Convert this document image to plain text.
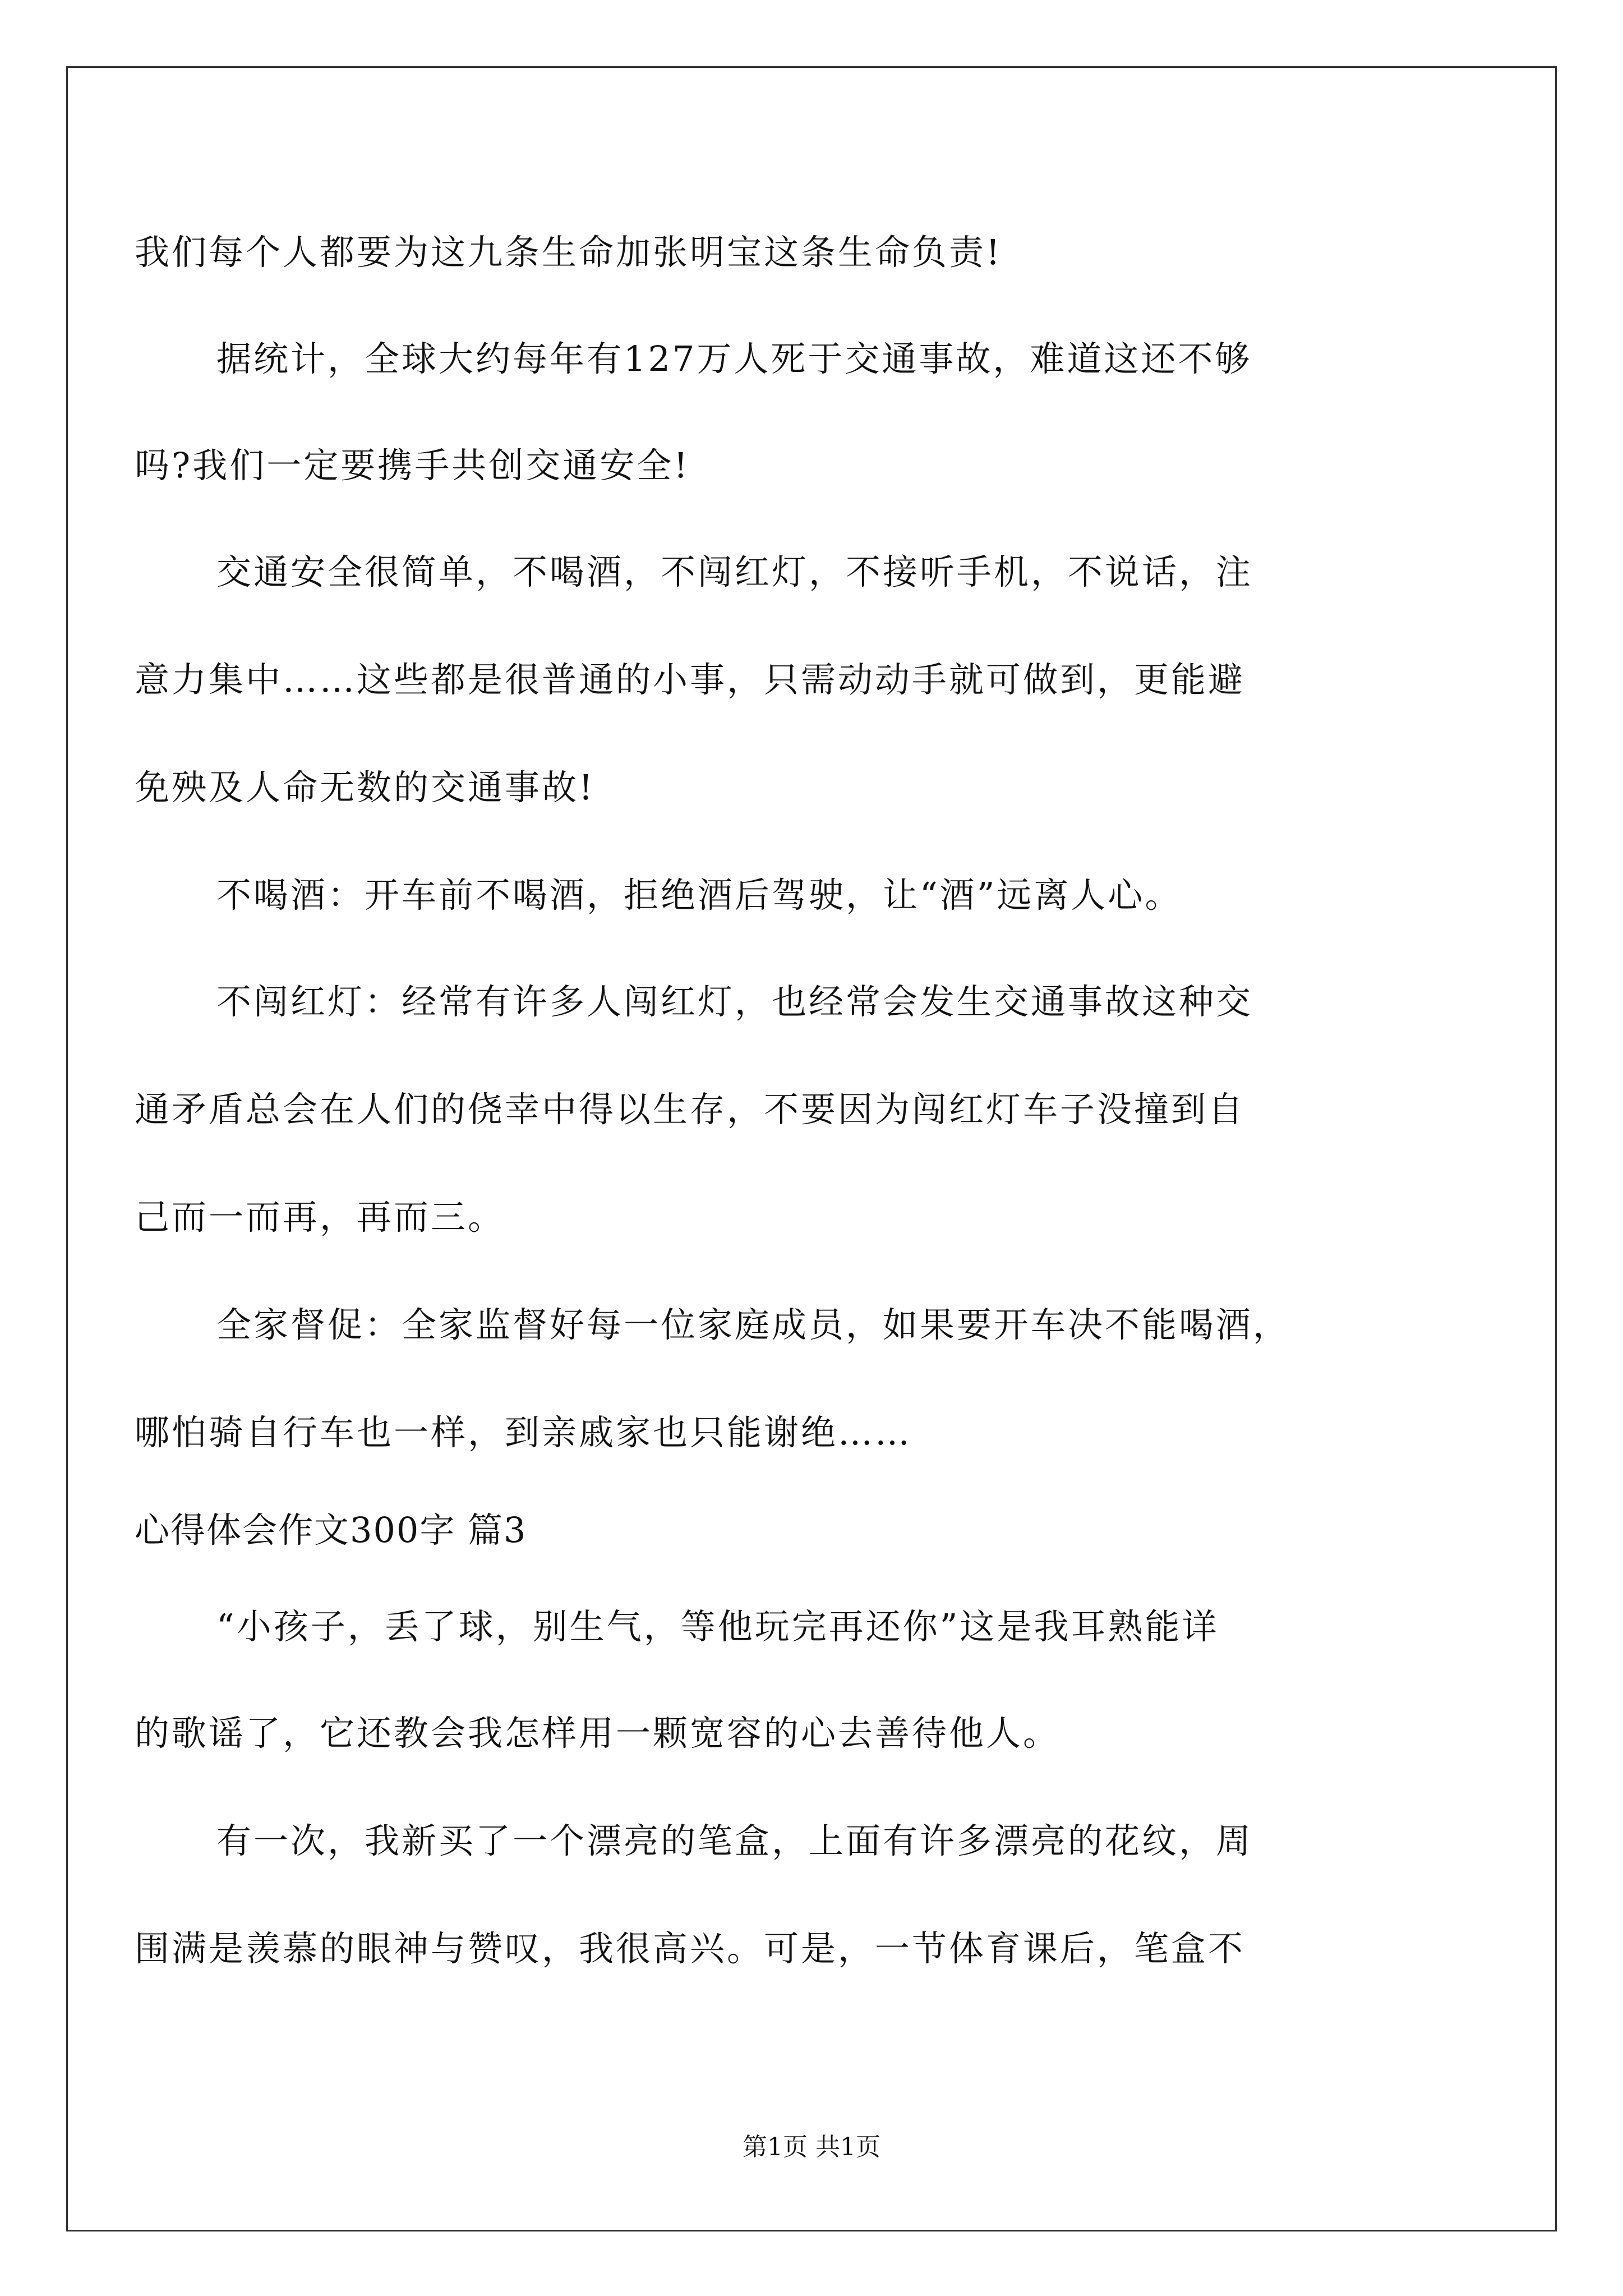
我们每个人都要为这九条生命加张明宝这条生命负责!
据统计，全球大约每年有127万人死于交通事故，难道这还不够
吗?我们一定要携手共创交通安全!
交通安全很简单，不喝酒，不闯红灯，不接听手机，不说话，注
意力集中……这些都是很普通的小事，只需动动手就可做到，更能避
免殃及人命无数的交通事故!
不喝酒：开车前不喝酒，拒绝酒后驾驶，让“酒”远离人心。
不闯红灯：经常有许多人闯红灯，也经常会发生交通事故这种交
通矛盾总会在人们的侥幸中得以生存，不要因为闯红灯车子没撞到自
己而一而再，再而三。
全家督促：全家监督好每一位家庭成员，如果要开车决不能喝酒，
哪怕骑自行车也一样，到亲戚家也只能谢绝……
心得体会作文300字 篇3
“小孩子，丢了球，别生气，等他玩完再还你”这是我耳熟能详
的歌谣了，它还教会我怎样用一颗宽容的心去善待他人。
有一次，我新买了一个漂亮的笔盒，上面有许多漂亮的花纹，周
围满是羡慕的眼神与赞叹，我很高兴。可是，一节体育课后，笔盒不
第1页 共1页
